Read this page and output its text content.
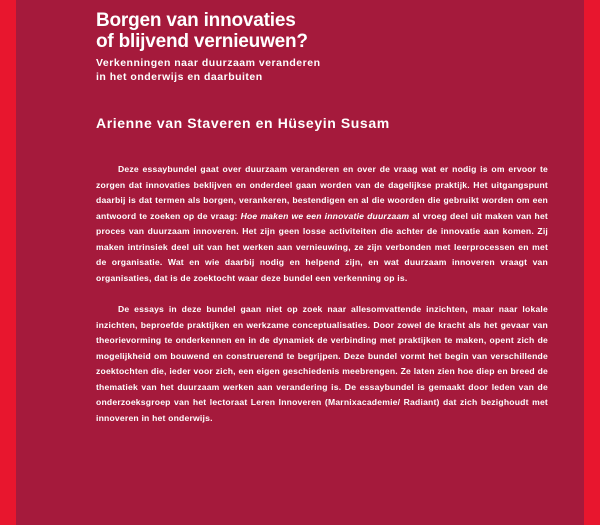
Borgen van innovaties
of blijvend vernieuwen?
Verkenningen naar duurzaam veranderen
in het onderwijs en daarbuiten
Arienne van Staveren en Hüseyin Susam

Deze essaybundel gaat over duurzaam veranderen en over de vraag wat er nodig is om ervoor te zorgen dat innovaties beklijven en onderdeel gaan worden van de dagelijkse praktijk. Het uitgangspunt daarbij is dat termen als borgen, verankeren, bestendigen en al die woorden die gebruikt worden om een antwoord te zoeken op de vraag: Hoe maken we een innovatie duurzaam al vroeg deel uit maken van het proces van duurzaam innoveren. Het zijn geen losse activiteiten die achter de innovatie aan komen. Zij maken intrinsiek deel uit van het werken aan vernieuwing, ze zijn verbonden met leerprocessen en met de organisatie. Wat en wie daarbij nodig en helpend zijn, en wat duurzaam innoveren vraagt van organisaties, dat is de zoektocht waar deze bundel een verkenning op is.

De essays in deze bundel gaan niet op zoek naar allesomvattende inzichten, maar naar lokale inzichten, beproefde praktijken en werkzame conceptualisaties. Door zowel de kracht als het gevaar van theorievorming te onderkennen en in de dynamiek de verbinding met praktijken te maken, opent zich de mogelijkheid om bouwend en construerend te begrijpen. Deze bundel vormt het begin van verschillende zoektochten die, ieder voor zich, een eigen geschiedenis meebrengen. Ze laten zien hoe diep en breed de thematiek van het duurzaam werken aan verandering is. De essaybundel is gemaakt door leden van de onderzoeksgroep van het lectoraat Leren Innoveren (Marnixacademie/ Radiant) dat zich bezighoudt met innoveren in het onderwijs.
